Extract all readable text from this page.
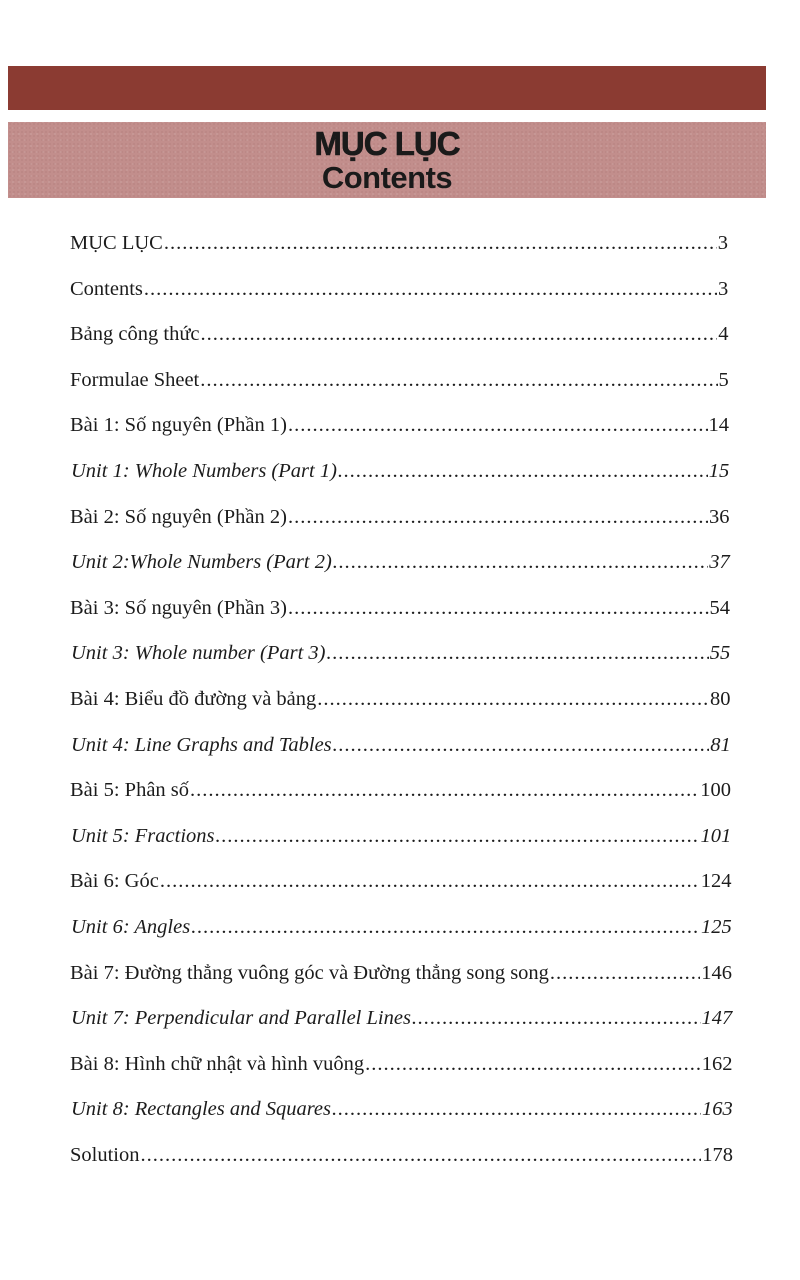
MỤC LỤC
Contents
MỤC LỤC .....	3
Contents .....	3
Bảng công thức .....	4
Formulae Sheet .....	5
Bài 1: Số nguyên (Phần 1) .....	14
Unit 1: Whole Numbers (Part 1) .....	15
Bài 2: Số nguyên (Phần 2) .....	36
Unit 2:Whole Numbers (Part 2) .....	37
Bài 3: Số nguyên (Phần 3) .....	54
Unit 3: Whole number (Part 3) .....	55
Bài 4: Biểu đồ đường và bảng .....	80
Unit 4: Line Graphs and Tables .....	81
Bài 5: Phân số .....	100
Unit 5: Fractions .....	101
Bài 6: Góc .....	124
Unit 6: Angles .....	125
Bài 7: Đường thẳng vuông góc và Đường thẳng song song .....	146
Unit 7: Perpendicular and Parallel Lines .....	147
Bài 8: Hình chữ nhật và hình vuông .....	162
Unit 8: Rectangles and Squares .....	163
Solution .....	178
